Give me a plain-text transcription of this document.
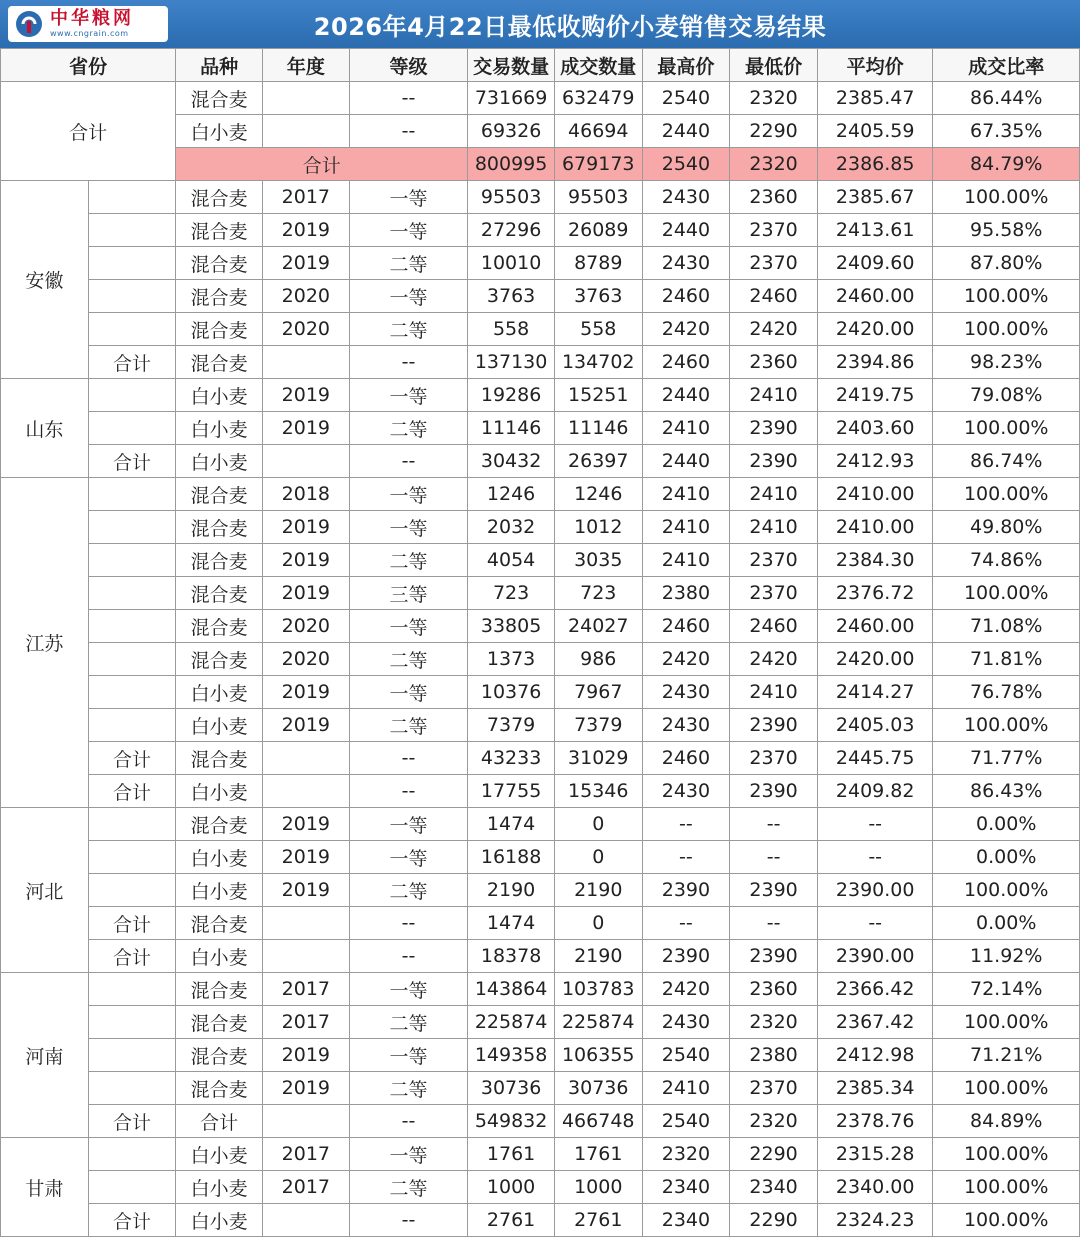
中华粮网
www.cngrain.com	2026年4月22日最低收购价小麦销售交易结果
省份		品种	年度	等级	交易数量	成交数量	最高价	最低价	平均价	成交比率
合计		混合麦		--	731669	632479	2540	2320	2385.47	86.44%
		白小麦		--	69326	46694	2440	2290	2405.59	67.35%
		合计			800995	679173	2540	2320	2386.85	84.79%
安徽		混合麦	2017	一等	95503	95503	2430	2360	2385.67	100.00%
		混合麦	2019	一等	27296	26089	2440	2370	2413.61	95.58%
		混合麦	2019	二等	10010	8789	2430	2370	2409.60	87.80%
		混合麦	2020	一等	3763	3763	2460	2460	2460.00	100.00%
		混合麦	2020	二等	558	558	2420	2420	2420.00	100.00%
	合计	混合麦		--	137130	134702	2460	2360	2394.86	98.23%
山东		白小麦	2019	一等	19286	15251	2440	2410	2419.75	79.08%
		白小麦	2019	二等	11146	11146	2410	2390	2403.60	100.00%
	合计	白小麦		--	30432	26397	2440	2390	2412.93	86.74%
江苏		混合麦	2018	一等	1246	1246	2410	2410	2410.00	100.00%
		混合麦	2019	一等	2032	1012	2410	2410	2410.00	49.80%
		混合麦	2019	二等	4054	3035	2410	2370	2384.30	74.86%
		混合麦	2019	三等	723	723	2380	2370	2376.72	100.00%
		混合麦	2020	一等	33805	24027	2460	2460	2460.00	71.08%
		混合麦	2020	二等	1373	986	2420	2420	2420.00	71.81%
		白小麦	2019	一等	10376	7967	2430	2410	2414.27	76.78%
		白小麦	2019	二等	7379	7379	2430	2390	2405.03	100.00%
	合计	混合麦		--	43233	31029	2460	2370	2445.75	71.77%
	合计	白小麦		--	17755	15346	2430	2390	2409.82	86.43%
河北		混合麦	2019	一等	1474	0	--	--	--	0.00%
		白小麦	2019	一等	16188	0	--	--	--	0.00%
		白小麦	2019	二等	2190	2190	2390	2390	2390.00	100.00%
	合计	混合麦		--	1474	0	--	--	--	0.00%
	合计	白小麦		--	18378	2190	2390	2390	2390.00	11.92%
河南		混合麦	2017	一等	143864	103783	2420	2360	2366.42	72.14%
		混合麦	2017	二等	225874	225874	2430	2320	2367.42	100.00%
		混合麦	2019	一等	149358	106355	2540	2380	2412.98	71.21%
		混合麦	2019	二等	30736	30736	2410	2370	2385.34	100.00%
	合计	合计		--	549832	466748	2540	2320	2378.76	84.89%
甘肃		白小麦	2017	一等	1761	1761	2320	2290	2315.28	100.00%
		白小麦	2017	二等	1000	1000	2340	2340	2340.00	100.00%
	合计	白小麦		--	2761	2761	2340	2290	2324.23	100.00%
